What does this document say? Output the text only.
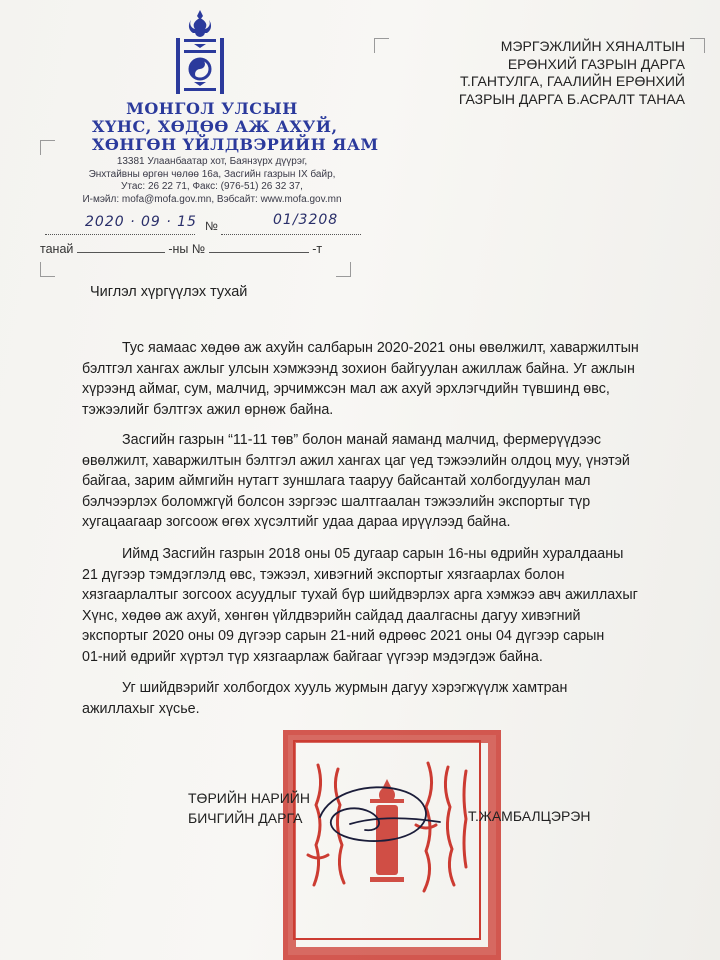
МОНГОЛ УЛСЫН
ХҮНС, ХӨДӨӨ АЖ АХУЙ,
ХӨНГӨН ҮЙЛДВЭРИЙН ЯАМ
13381 Улаанбаатар хот, Баянзүрх дүүрэг,
Энхтайвны өргөн чөлөө 16а, Засгийн газрын IX байр,
Утас: 26 22 71, Факс: (976-51) 26 32 37,
И-мэйл: mofa@mofa.gov.mn, Вэбсайт: www.mofa.gov.mn
2020 · 09 · 15 №	01/3208
танай	-ны №	-т
МЭРГЭЖЛИЙН ХЯНАЛТЫН
ЕРӨНХИЙ ГАЗРЫН ДАРГА
Т.ГАНТУЛГА, ГААЛИЙН ЕРӨНХИЙ
ГАЗРЫН ДАРГА Б.АСРАЛТ ТАНАА
Чиглэл хүргүүлэх тухай
Тус яамаас хөдөө аж ахуйн салбарын 2020-2021 оны өвөлжилт, хаваржилтын
бэлтгэл хангах ажлыг улсын хэмжээнд зохион байгуулан ажиллаж байна. Уг ажлын
хүрээнд аймаг, сум, малчид, эрчимжсэн мал аж ахуй эрхлэгчдийн түвшинд өвс,
тэжээлийг бэлтгэх ажил өрнөж байна.
Засгийн газрын “11-11 төв” болон манай яаманд малчид, фермерүүдээс
өвөлжилт, хаваржилтын бэлтгэл ажил хангах цаг үед тэжээлийн олдоц муу, үнэтэй
байгаа, зарим аймгийн нутагт зуншлага тааруу байсантай холбогдуулан мал
бэлчээрлэх боломжгүй болсон зэргээс шалтгаалан тэжээлийн экспортыг түр
хугацаагаар зогсоож өгөх хүсэлтийг удаа дараа ирүүлээд байна.
Иймд Засгийн газрын 2018 оны 05 дугаар сарын 16-ны өдрийн хуралдааны
21 дүгээр тэмдэглэлд өвс, тэжээл, хивэгний экспортыг хязгаарлах болон
хязгаарлалтыг зогсоох асуудлыг тухай бүр шийдвэрлэх арга хэмжээ авч ажиллахыг
Хүнс, хөдөө аж ахуй, хөнгөн үйлдвэрийн сайдад даалгасны дагуу хивэгний
экспортыг 2020 оны 09 дүгээр сарын 21-ний өдрөөс 2021 оны 04 дүгээр сарын
01-ний өдрийг хүртэл түр хязгаарлаж байгааг үүгээр мэдэгдэж байна.
Уг шийдвэрийг холбогдох хууль журмын дагуу хэрэгжүүлж хамтран
ажиллахыг хүсье.
ТӨРИЙН НАРИЙН
БИЧГИЙН ДАРГА	Т.ЖАМБАЛЦЭРЭН
